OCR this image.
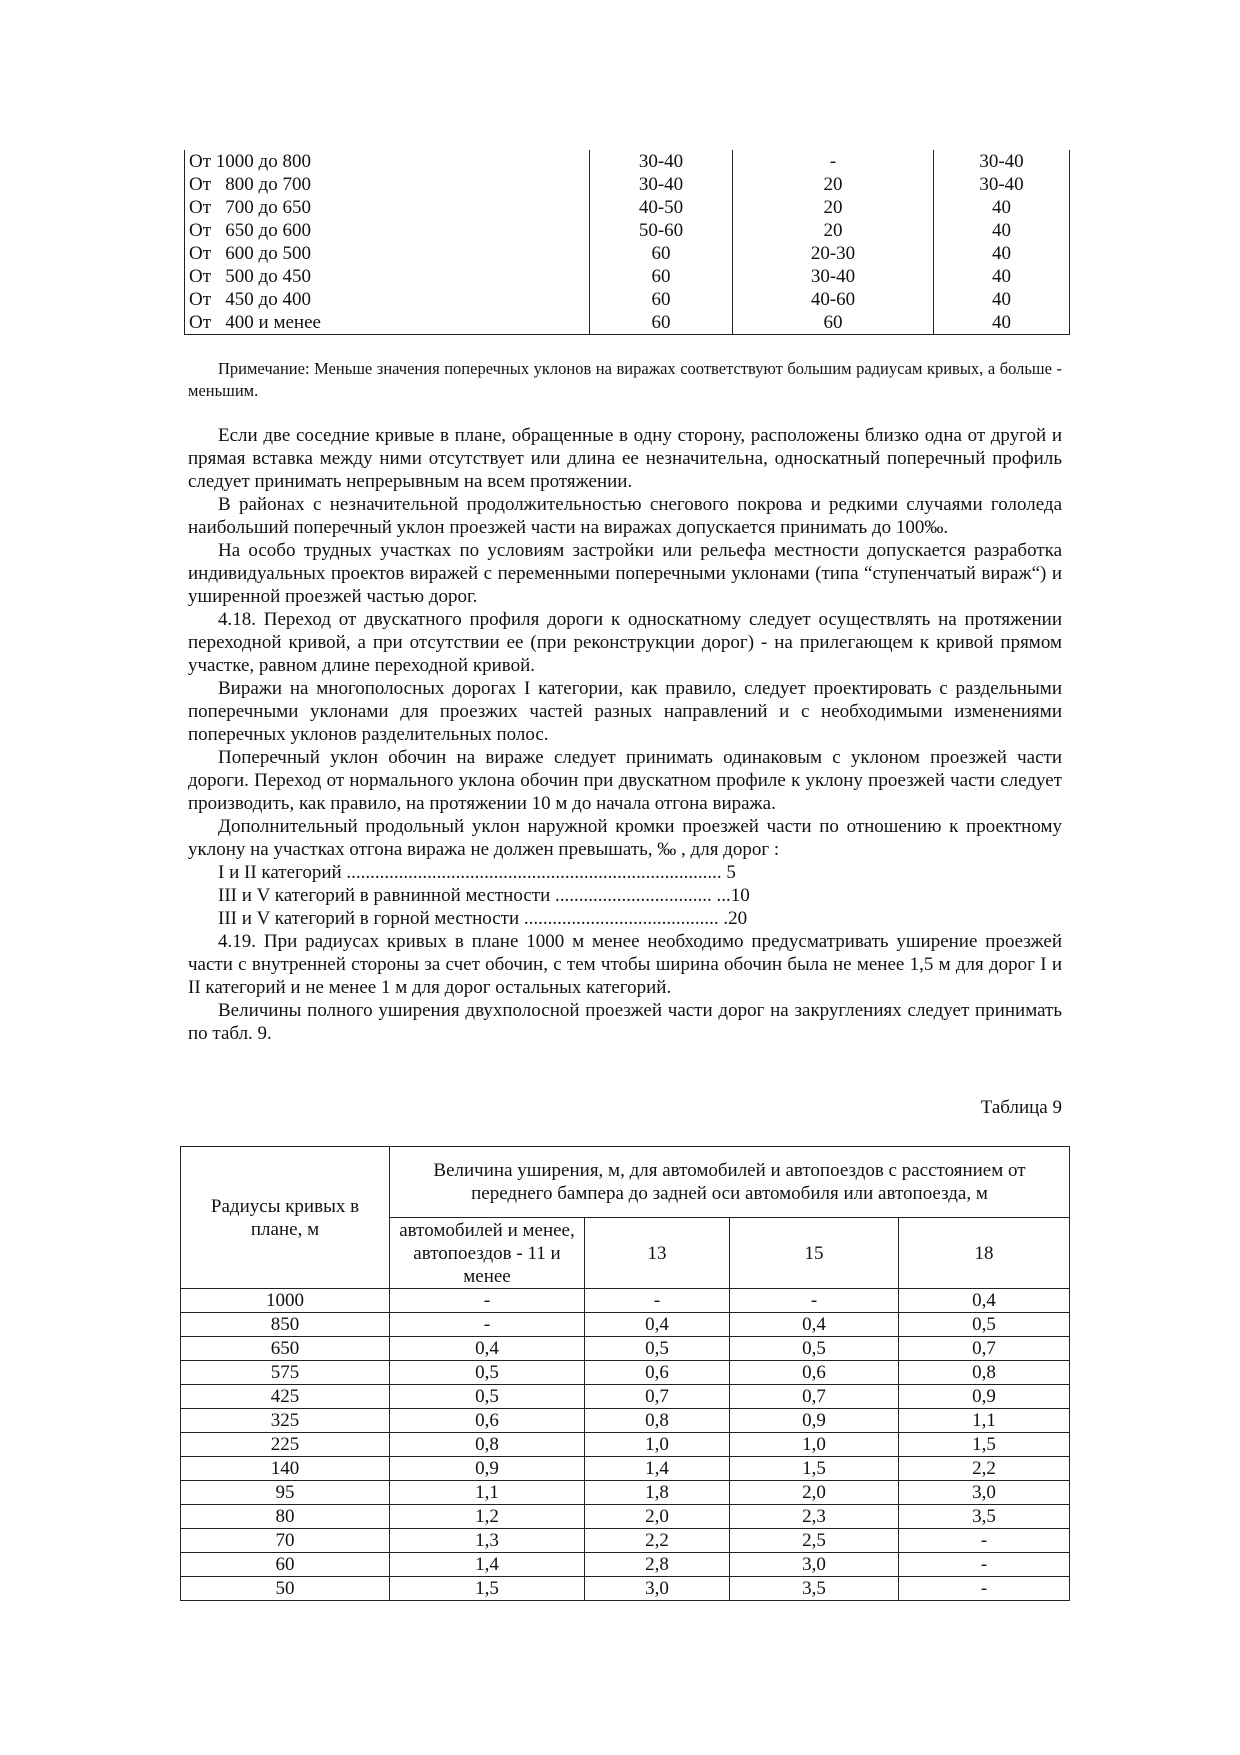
От 1000 до 800	30-40	-	30-40
От   800 до 700	30-40	20	30-40
От   700 до 650	40-50	20	40
От   650 до 600	50-60	20	40
От   600 до 500	60	20-30	40
От   500 до 450	60	30-40	40
От   450 до 400	60	40-60	40
От   400 и менее	60	60	40
Примечание: Меньше значения поперечных уклонов на виражах соответствуют большим радиусам кривых, а больше - меньшим.

Если две соседние кривые в плане, обращенные в одну сторону, расположены близко одна от другой и прямая вставка между ними отсутствует или длина ее незначительна, односкатный поперечный профиль следует принимать непрерывным на всем протяжении.

В районах с незначительной продолжительностью снегового покрова и редкими случаями гололеда наибольший поперечный уклон проезжей части на виражах допускается принимать до 100‰.

На особо трудных участках по условиям застройки или рельефа местности допускается разработка индивидуальных проектов виражей с переменными поперечными уклонами (типа “ступенчатый вираж“) и уширенной проезжей частью дорог.

4.18. Переход от двускатного профиля дороги к односкатному следует осуществлять на протяжении переходной кривой, а при отсутствии ее (при реконструкции дорог) - на прилегающем к кривой прямом участке, равном длине переходной кривой.

Виражи на многополосных дорогах I категории, как правило, следует проектировать с раздельными поперечными уклонами для проезжих частей разных направлений и с необходимыми изменениями поперечных уклонов разделительных полос.

Поперечный уклон обочин на вираже следует принимать одинаковым с уклоном проезжей части дороги. Переход от нормального уклона обочин при двускатном профиле к уклону проезжей части следует производить, как правило, на протяжении 10 м до начала отгона виража.

Дополнительный продольный уклон наружной кромки проезжей части по отношению к проектному уклону на участках отгона виража не должен превышать, ‰ , для дорог :

I и II категорий ............................................................................... 5

III и V категорий в равнинной местности ................................. ...10

III и V категорий в горной местности ......................................... .20

4.19. При радиусах кривых в плане 1000 м менее необходимо предусматривать уширение проезжей части с внутренней стороны за счет обочин, с тем чтобы ширина обочин была не менее 1,5 м для дорог I и II категорий и не менее 1 м для дорог остальных категорий.

Величины полного уширения двухполосной проезжей части дорог на закруглениях следует принимать по табл. 9.

Таблица 9
Радиусы кривых в плане, м	Величина уширения, м, для автомобилей и автопоездов с расстоянием от переднего бампера до задней оси автомобиля или автопоезда, м			
	автомобилей и менее, автопоездов - 11 и менее	13	15	18
1000	-	-	-	0,4
850	-	0,4	0,4	0,5
650	0,4	0,5	0,5	0,7
575	0,5	0,6	0,6	0,8
425	0,5	0,7	0,7	0,9
325	0,6	0,8	0,9	1,1
225	0,8	1,0	1,0	1,5
140	0,9	1,4	1,5	2,2
95	1,1	1,8	2,0	3,0
80	1,2	2,0	2,3	3,5
70	1,3	2,2	2,5	-
60	1,4	2,8	3,0	-
50	1,5	3,0	3,5	-
